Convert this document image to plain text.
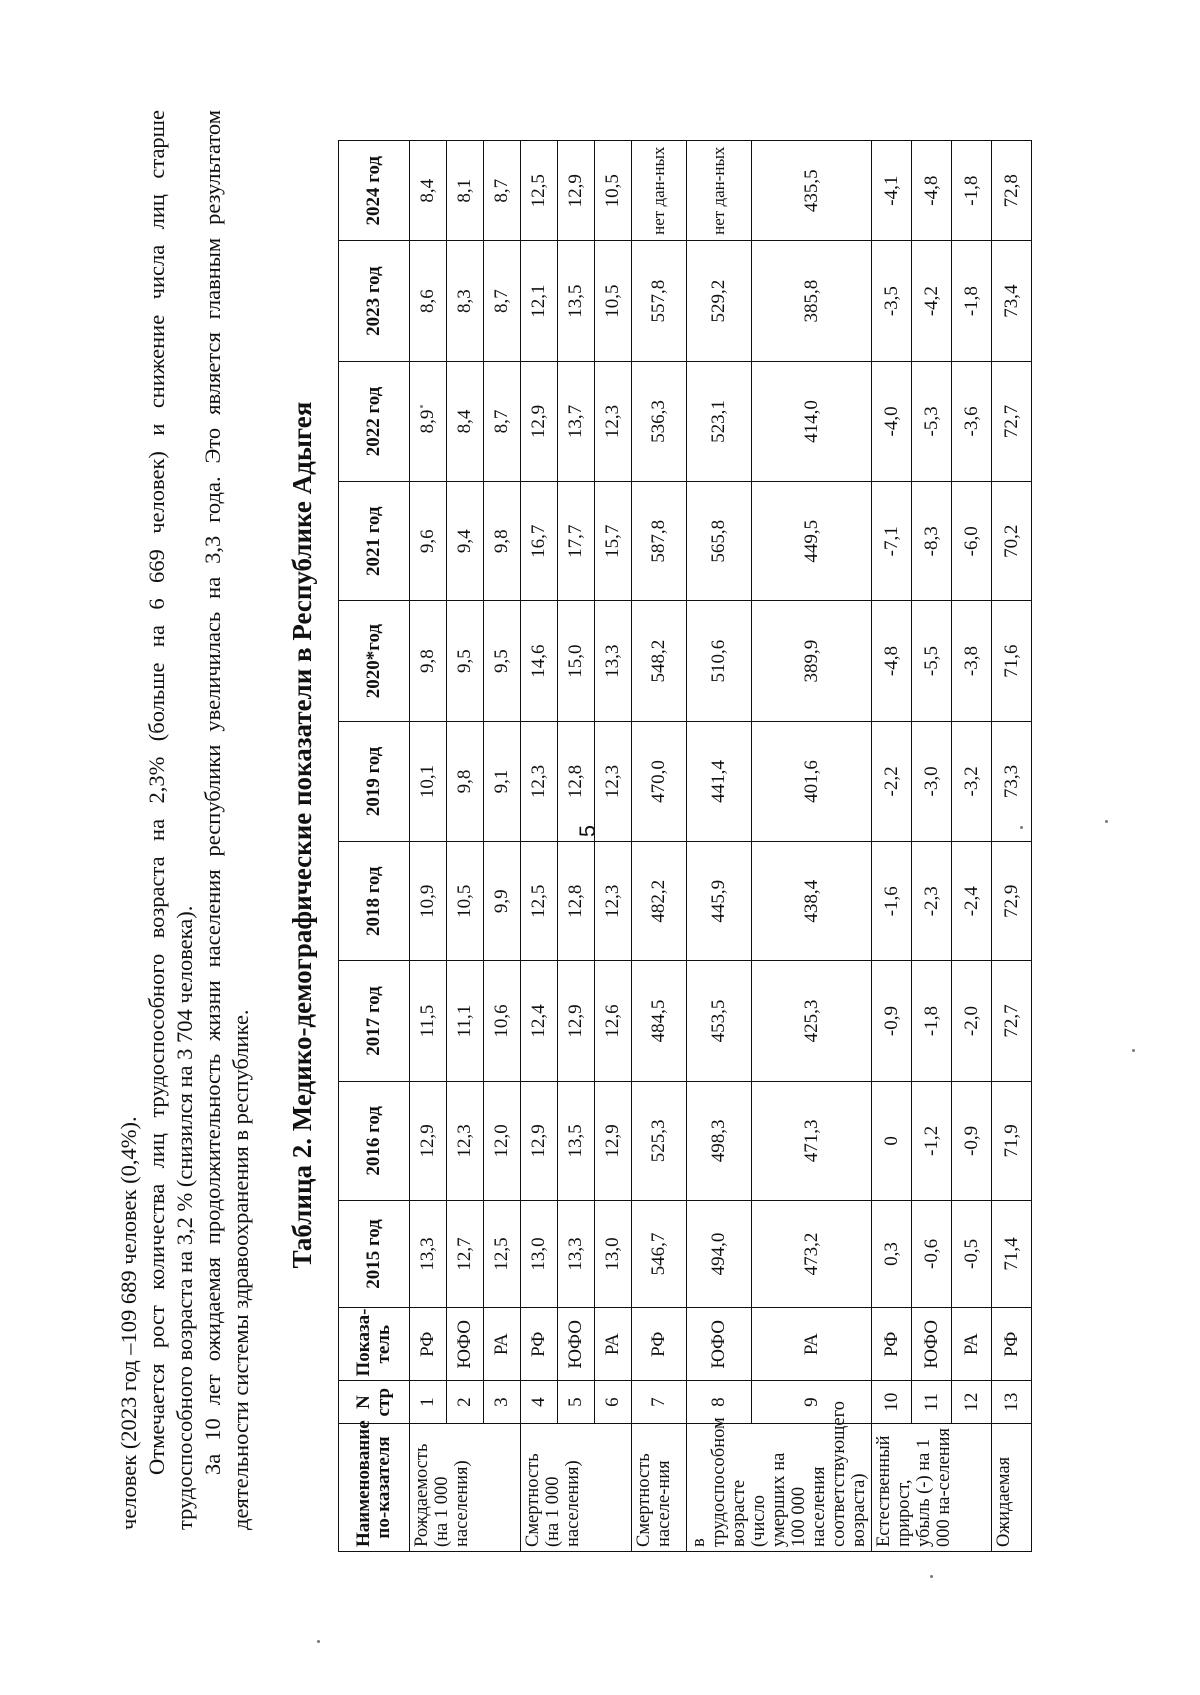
5
человек (2023 год –109 689 человек (0,4%). Отмечается рост количества лиц трудоспособного возраста на 2,3% (больше на 6 669 человек) и снижение числа лиц старше трудоспособного возраста на 3,2 % (снизился на 3 704 человека). За 10 лет ожидаемая продолжительность жизни населения республики увеличилась на 3,3 года. Это является главным результатом деятельности системы здравоохранения в республике.
Таблица 2. Медико-демографические показатели в Республике Адыгея
Наименование по-казателя	N стр	Показа-тель	2015 год	2016 год	2017 год	2018 год	2019 год	2020*год	2021 год	2022 год	2023 год	2024 год
Рождаемость (на 1 000 населения)	1	РФ	13,3	12,9	11,5	10,9	10,1	9,8	9,6	8,9	8,6	8,4
	2	ЮФО	12,7	12,3	11,1	10,5	9,8	9,5	9,4	8,4	8,3	8,1
	3	РА	12,5	12,0	10,6	9,9	9,1	9,5	9,8	8,7	8,7	8,7
Смертность (на 1 000 населения)	4	РФ	13,0	12,9	12,4	12,5	12,3	14,6	16,7	12,9	12,1	12,5
	5	ЮФО	13,3	13,5	12,9	12,8	12,8	15,0	17,7	13,7	13,5	12,9
	6	РА	13,0	12,9	12,6	12,3	12,3	13,3	15,7	12,3	10,5	10,5
Смертность населе-ния	7	РФ	546,7	525,3	484,5	482,2	470,0	548,2	587,8	536,3	557,8	нет дан-ных
в трудоспособном возрасте (число умерших на 100 000 населения соответствующего возраста)	8	ЮФО	494,0	498,3	453,5	445,9	441,4	510,6	565,8	523,1	529,2	нет дан-ных
	9	РА	473,2	471,3	425,3	438,4	401,6	389,9	449,5	414,0	385,8	435,5
Естественный прирост, убыль (-) на 1 000 на-селения	10	РФ	0,3	0	-0,9	-1,6	-2,2	-4,8	-7,1	-4,0	-3,5	-4,1
	11	ЮФО	-0,6	-1,2	-1,8	-2,3	-3,0	-5,5	-8,3	-5,3	-4,2	-4,8
	12	РА	-0,5	-0,9	-2,0	-2,4	-3,2	-3,8	-6,0	-3,6	-1,8	-1,8
Ожидаемая	13	РФ	71,4	71,9	72,7	72,9	73,3	71,6	70,2	72,7	73,4	72,8
